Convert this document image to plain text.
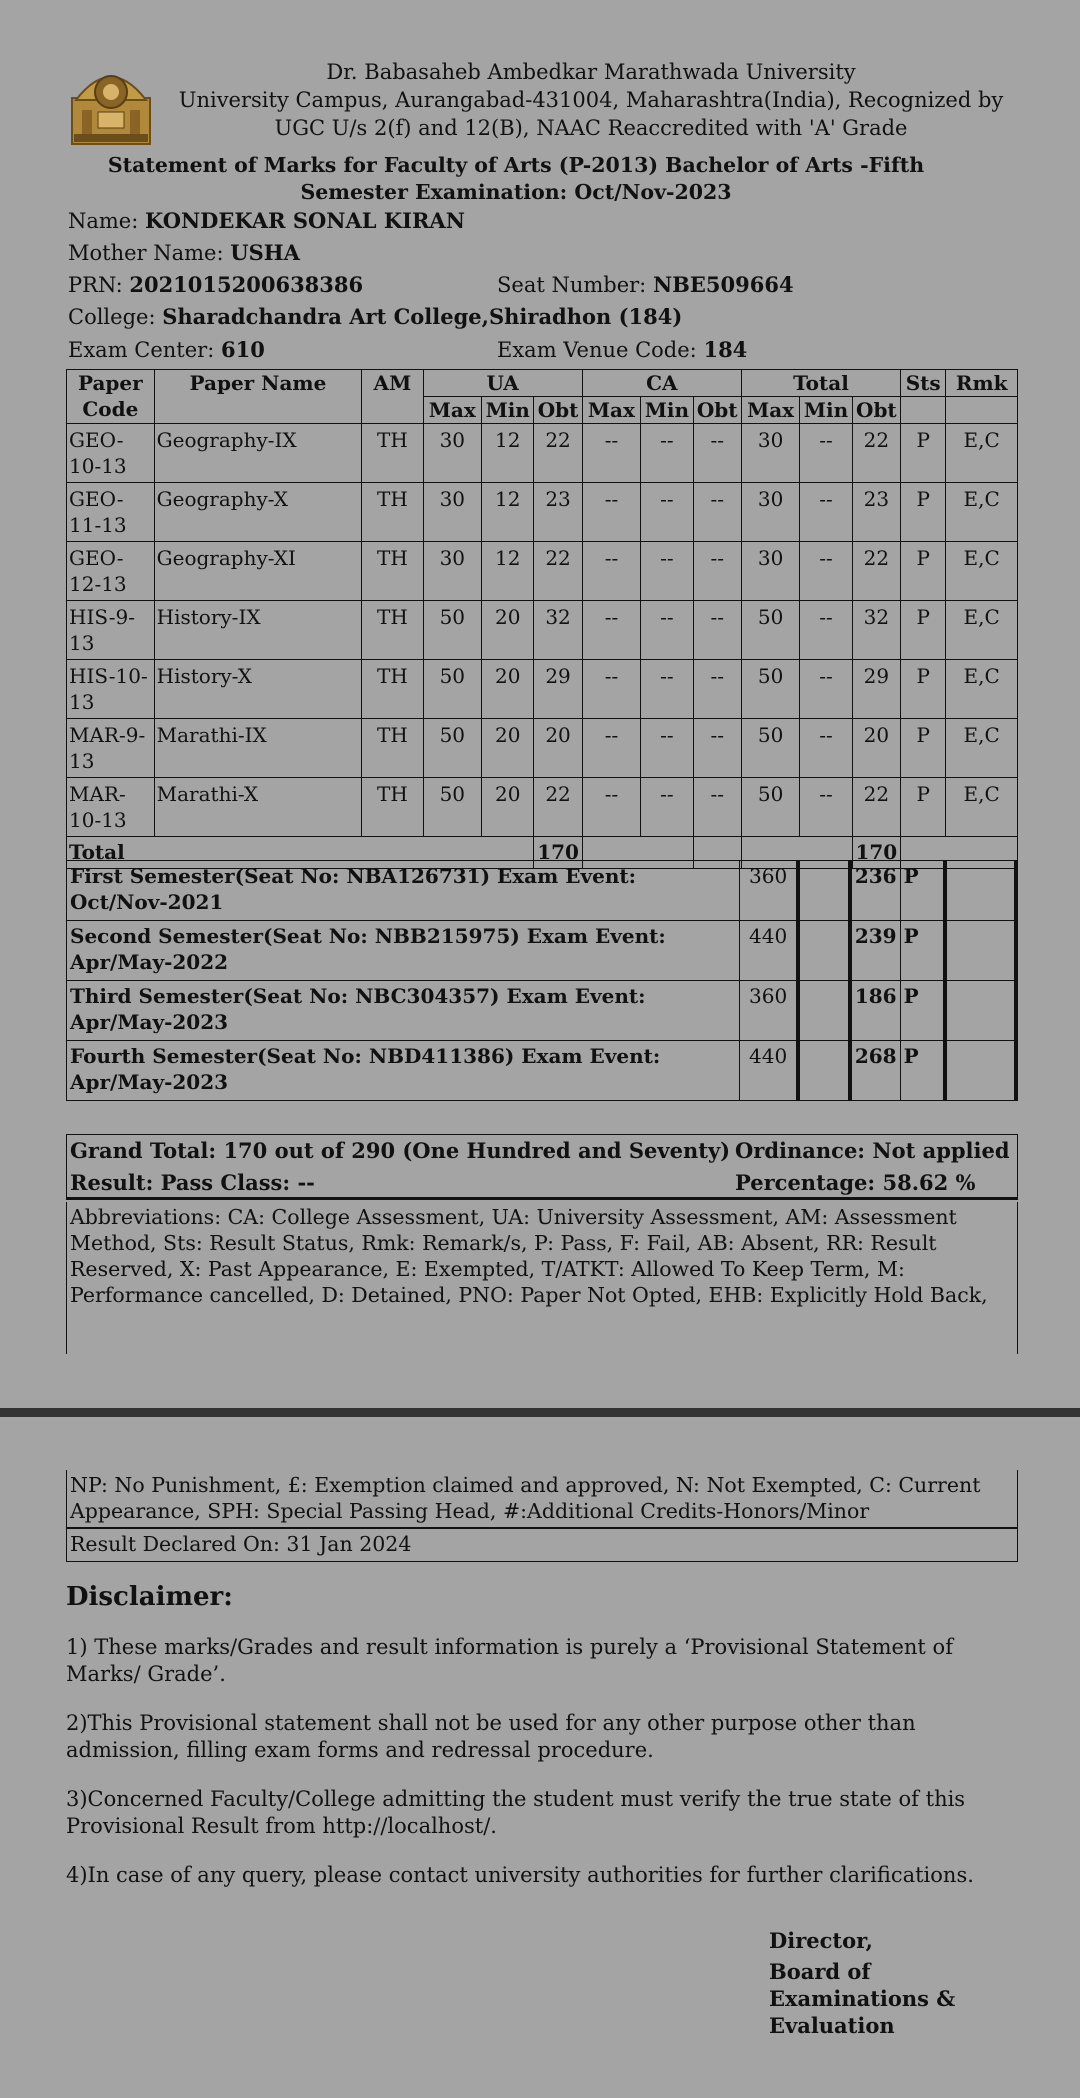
Dr. Babasaheb Ambedkar Marathwada University
University Campus, Aurangabad-431004, Maharashtra(India), Recognized by
UGC U/s 2(f) and 12(B), NAAC Reaccredited with 'A' Grade
Statement of Marks for Faculty of Arts (P-2013) Bachelor of Arts -Fifth
Semester Examination: Oct/Nov-2023
Name: KONDEKAR SONAL KIRAN
Mother Name: USHA
PRN: 2021015200638386	Seat Number: NBE509664
College: Sharadchandra Art College,Shiradhon (184)
Exam Center: 610	Exam Venue Code: 184
Paper Code	Paper Name	AM	UA			CA			Total			Sts	Rmk
			Max	Min	Obt	Max	Min	Obt	Max	Min	Obt		
GEO-10-13	Geography-IX	TH	30	12	22	--	--	--	30	--	22	P	E,C
GEO-11-13	Geography-X	TH	30	12	23	--	--	--	30	--	23	P	E,C
GEO-12-13	Geography-XI	TH	30	12	22	--	--	--	30	--	22	P	E,C
HIS-9-13	History-IX	TH	50	20	32	--	--	--	50	--	32	P	E,C
HIS-10-13	History-X	TH	50	20	29	--	--	--	50	--	29	P	E,C
MAR-9-13	Marathi-IX	TH	50	20	20	--	--	--	50	--	20	P	E,C
MAR-10-13	Marathi-X	TH	50	20	22	--	--	--	50	--	22	P	E,C
Total					170						170		
First Semester(Seat No: NBA126731) Exam Event: Oct/Nov-2021	360		236	P	
Second Semester(Seat No: NBB215975) Exam Event: Apr/May-2022	440		239	P	
Third Semester(Seat No: NBC304357) Exam Event: Apr/May-2023	360		186	P	
Fourth Semester(Seat No: NBD411386) Exam Event: Apr/May-2023	440		268	P	
Grand Total: 170 out of 290 (One Hundred and Seventy) Ordinance: Not applied
Result: Pass Class: --	Percentage: 58.62 %
Abbreviations: CA: College Assessment, UA: University Assessment, AM: Assessment Method, Sts: Result Status, Rmk: Remark/s, P: Pass, F: Fail, AB: Absent, RR: Result Reserved, X: Past Appearance, E: Exempted, T/ATKT: Allowed To Keep Term, M: Performance cancelled, D: Detained, PNO: Paper Not Opted, EHB: Explicitly Hold Back,
NP: No Punishment, £: Exemption claimed and approved, N: Not Exempted, C: Current Appearance, SPH: Special Passing Head, #:Additional Credits-Honors/Minor
Result Declared On: 31 Jan 2024
Disclaimer:
1) These marks/Grades and result information is purely a ‘Provisional Statement of Marks/ Grade’.
2)This Provisional statement shall not be used for any other purpose other than admission, filling exam forms and redressal procedure.
3)Concerned Faculty/College admitting the student must verify the true state of this Provisional Result from http://localhost/.
4)In case of any query, please contact university authorities for further clarifications.
Director,
Board of Examinations & Evaluation
